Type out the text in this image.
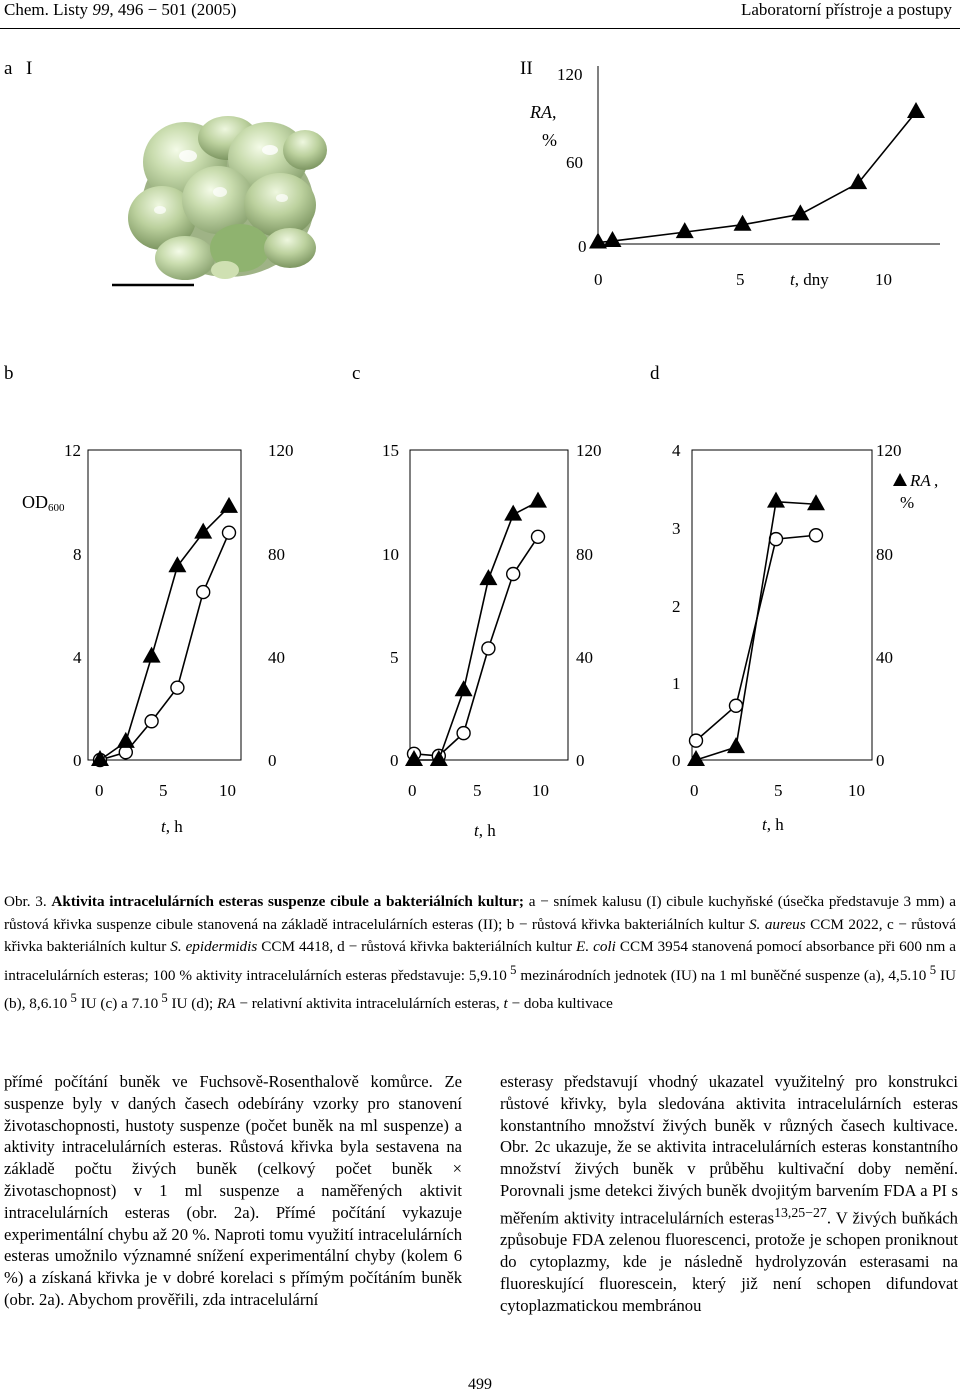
Chem. Listy 99, 496 − 501 (2005)	Laboratorní přístroje a postupy
a I	II
b	c	d
120
60
0
RA,
%
0	5	10
t, dny
12
8
4
0
120
80
40
0
OD600
0	5	10
t, h
15
10
5
0
120
80
40
0
0	5	10
t, h
4
3
2
1
0
120
80
40
0
RA ,
%
0	5	10
t, h
Obr. 3. Aktivita intracelulárních esteras suspenze cibule a bakteriálních kultur; a − snímek kalusu (I) cibule kuchyňské (úsečka představuje 3 mm) a růstová křivka suspenze cibule stanovená na základě intracelulárních esteras (II); b − růstová křivka bakteriálních kultur S. aureus CCM 2022, c − růstová křivka bakteriálních kultur S. epidermidis CCM 4418, d − růstová křivka bakteriálních kultur E. coli CCM 3954 stanovená pomocí absorbance při 600 nm a intracelulárních esteras; 100 % aktivity intracelulárních esteras představuje: 5,9.10 $^5$ mezinárodních jednotek (IU) na 1 ml buněčné suspenze (a), 4,5.10 $^5$ IU (b), 8,6.10 $^5$ IU (c) a 7.10 $^5$ IU (d); RA − relativní aktivita intracelulárních esteras, t − doba kultivace
přímé počítání buněk ve Fuchsově-Rosenthalově komůrce. Ze suspenze byly v daných časech odebírány vzorky pro stanovení životaschopnosti, hustoty suspenze (počet buněk na ml suspenze) a aktivity intracelulárních esteras. Růstová křivka byla sestavena na základě počtu živých buněk (celkový počet buněk × životaschopnost) v 1 ml suspenze a naměřených aktivit intracelulárních esteras (obr. 2a). Přímé počítání vykazuje experimentální chybu až 20 %. Naproti tomu využití intracelulárních esteras umožnilo významné snížení experimentální chyby (kolem 6 %) a získaná křivka je v dobré korelaci s přímým počítáním buněk (obr. 2a). Abychom prověřili, zda intracelulární
esterasy představují vhodný ukazatel využitelný pro konstrukci růstové křivky, byla sledována aktivita intracelulárních esteras konstantního množství živých buněk v různých časech kultivace. Obr. 2c ukazuje, že se aktivita intracelulárních esteras konstantního množství živých buněk v průběhu kultivační doby nemění. Porovnali jsme detekci živých buněk dvojitým barvením FDA a PI s měřením aktivity intracelulárních esteras$^{13,25-27}$. V živých buňkách způsobuje FDA zelenou fluorescenci, protože je schopen proniknout do cytoplazmy, kde je následně hydrolyzován esterasami na fluoreskující fluorescein, který již není schopen difundovat cytoplazmatickou membránou
499
